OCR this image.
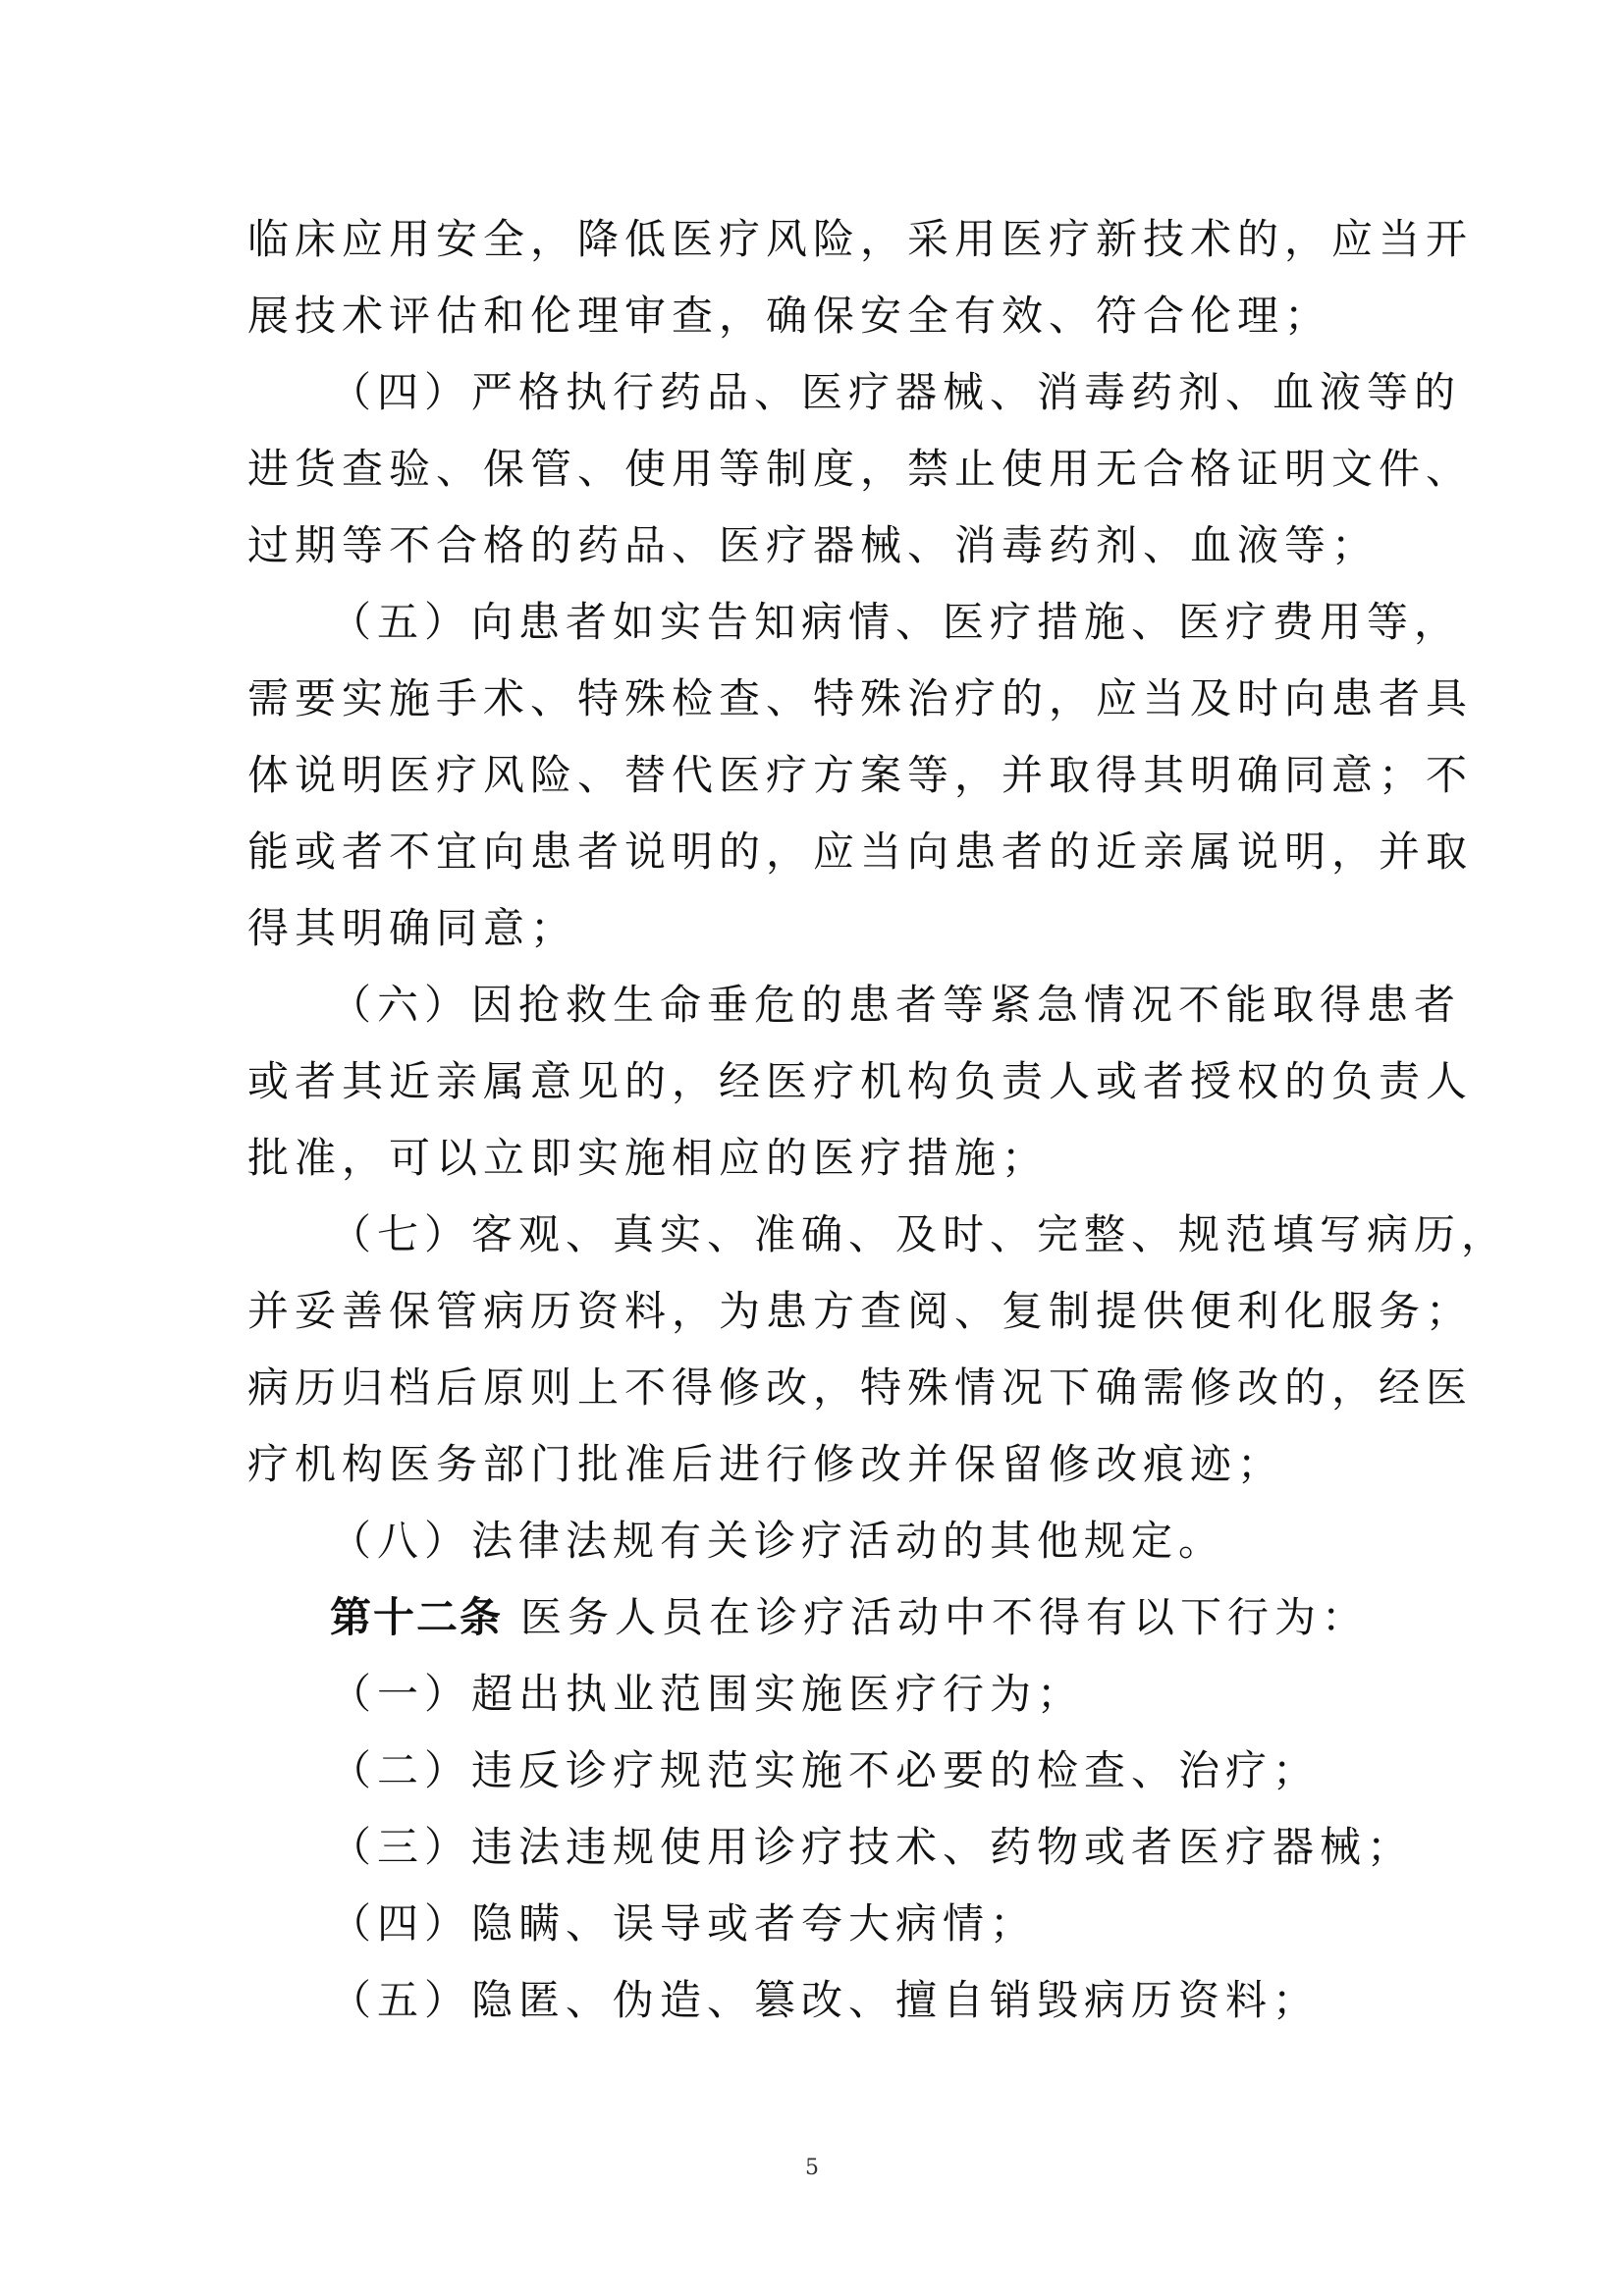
临床应用安全，降低医疗风险，采用医疗新技术的，应当开
展技术评估和伦理审查，确保安全有效、符合伦理；
（四）严格执行药品、医疗器械、消毒药剂、血液等的
进货查验、保管、使用等制度，禁止使用无合格证明文件、
过期等不合格的药品、医疗器械、消毒药剂、血液等；
（五）向患者如实告知病情、医疗措施、医疗费用等，
需要实施手术、特殊检查、特殊治疗的，应当及时向患者具
体说明医疗风险、替代医疗方案等，并取得其明确同意；不
能或者不宜向患者说明的，应当向患者的近亲属说明，并取
得其明确同意；
（六）因抢救生命垂危的患者等紧急情况不能取得患者
或者其近亲属意见的，经医疗机构负责人或者授权的负责人
批准，可以立即实施相应的医疗措施；
（七）客观、真实、准确、及时、完整、规范填写病历，
并妥善保管病历资料，为患方查阅、复制提供便利化服务；
病历归档后原则上不得修改，特殊情况下确需修改的，经医
疗机构医务部门批准后进行修改并保留修改痕迹；
（八）法律法规有关诊疗活动的其他规定。
第十二条 医务人员在诊疗活动中不得有以下行为：
（一）超出执业范围实施医疗行为；
（二）违反诊疗规范实施不必要的检查、治疗；
（三）违法违规使用诊疗技术、药物或者医疗器械；
（四）隐瞒、误导或者夸大病情；
（五）隐匿、伪造、篡改、擅自销毁病历资料；
5
